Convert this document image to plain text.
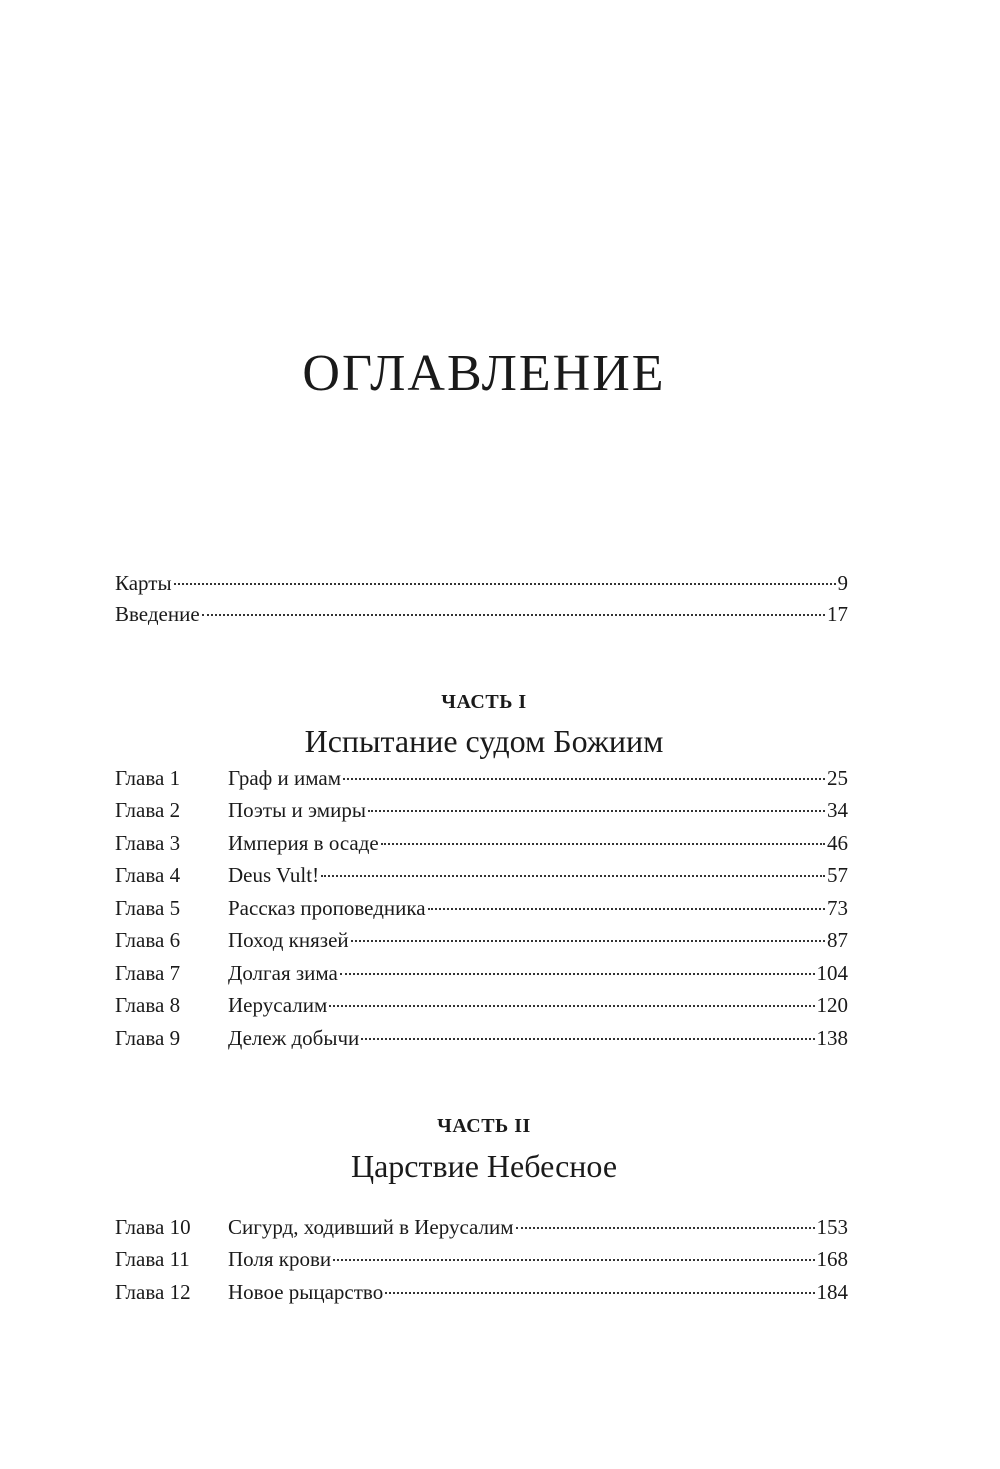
ОГЛАВЛЕНИЕ
Карты	9
Введение	17
ЧАСТЬ I
Испытание судом Божиим
Глава 1	Граф и имам	25
Глава 2	Поэты и эмиры	34
Глава 3	Империя в осаде	46
Глава 4	Deus Vult!	57
Глава 5	Рассказ проповедника	73
Глава 6	Поход князей	87
Глава 7	Долгая зима	104
Глава 8	Иерусалим	120
Глава 9	Дележ добычи	138
ЧАСТЬ II
Царствие Небесное
Глава 10	Сигурд, ходивший в Иерусалим	153
Глава 11	Поля крови	168
Глава 12	Новое рыцарство	184
